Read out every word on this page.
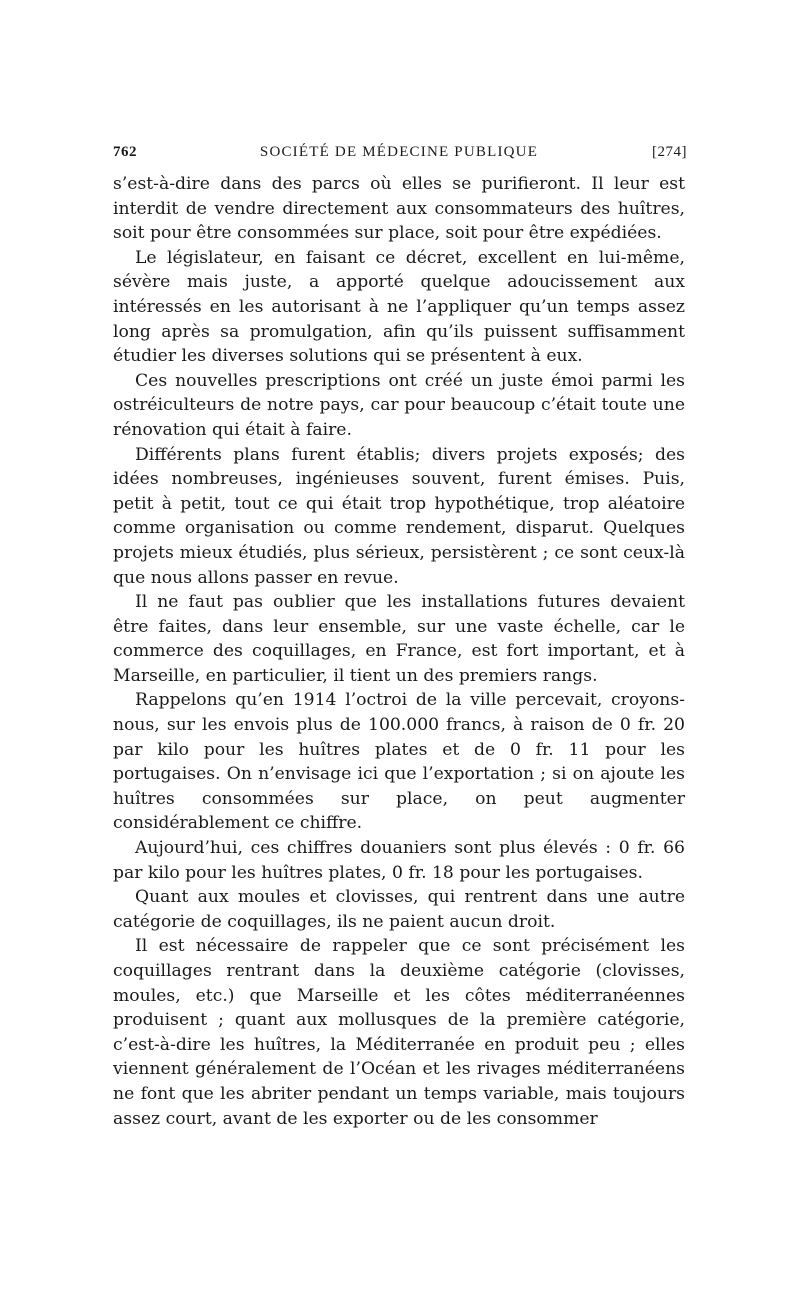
762	SOCIÉTÉ DE MÉDECINE PUBLIQUE	[274]

s’est-à-dire dans des parcs où elles se purifieront. Il leur est interdit de vendre directement aux consommateurs des huîtres, soit pour être consommées sur place, soit pour être expédiées.

Le législateur, en faisant ce décret, excellent en lui-même, sévère mais juste, a apporté quelque adoucissement aux intéressés en les autorisant à ne l’appliquer qu’un temps assez long après sa promulgation, afin qu’ils puissent suffisamment étudier les diverses solutions qui se présentent à eux.

Ces nouvelles prescriptions ont créé un juste émoi parmi les ostréiculteurs de notre pays, car pour beaucoup c’était toute une rénovation qui était à faire.

Différents plans furent établis; divers projets exposés; des idées nombreuses, ingénieuses souvent, furent émises. Puis, petit à petit, tout ce qui était trop hypothétique, trop aléatoire comme organisation ou comme rendement, disparut. Quelques projets mieux étudiés, plus sérieux, persistèrent ; ce sont ceux-là que nous allons passer en revue.

Il ne faut pas oublier que les installations futures devaient être faites, dans leur ensemble, sur une vaste échelle, car le commerce des coquillages, en France, est fort important, et à Marseille, en particulier, il tient un des premiers rangs.

Rappelons qu’en 1914 l’octroi de la ville percevait, croyons-nous, sur les envois plus de 100.000 francs, à raison de 0 fr. 20 par kilo pour les huîtres plates et de 0 fr. 11 pour les portugaises. On n’envisage ici que l’exportation ; si on ajoute les huîtres consommées sur place, on peut augmenter considérablement ce chiffre.

Aujourd’hui, ces chiffres douaniers sont plus élevés : 0 fr. 66 par kilo pour les huîtres plates, 0 fr. 18 pour les portugaises.

Quant aux moules et clovisses, qui rentrent dans une autre catégorie de coquillages, ils ne paient aucun droit.

Il est nécessaire de rappeler que ce sont précisément les coquillages rentrant dans la deuxième catégorie (clovisses, moules, etc.) que Marseille et les côtes méditerranéennes produisent ; quant aux mollusques de la première catégorie, c’est-à-dire les huîtres, la Méditerranée en produit peu ; elles viennent généralement de l’Océan et les rivages méditerranéens ne font que les abriter pendant un temps variable, mais toujours assez court, avant de les exporter ou de les consommer
